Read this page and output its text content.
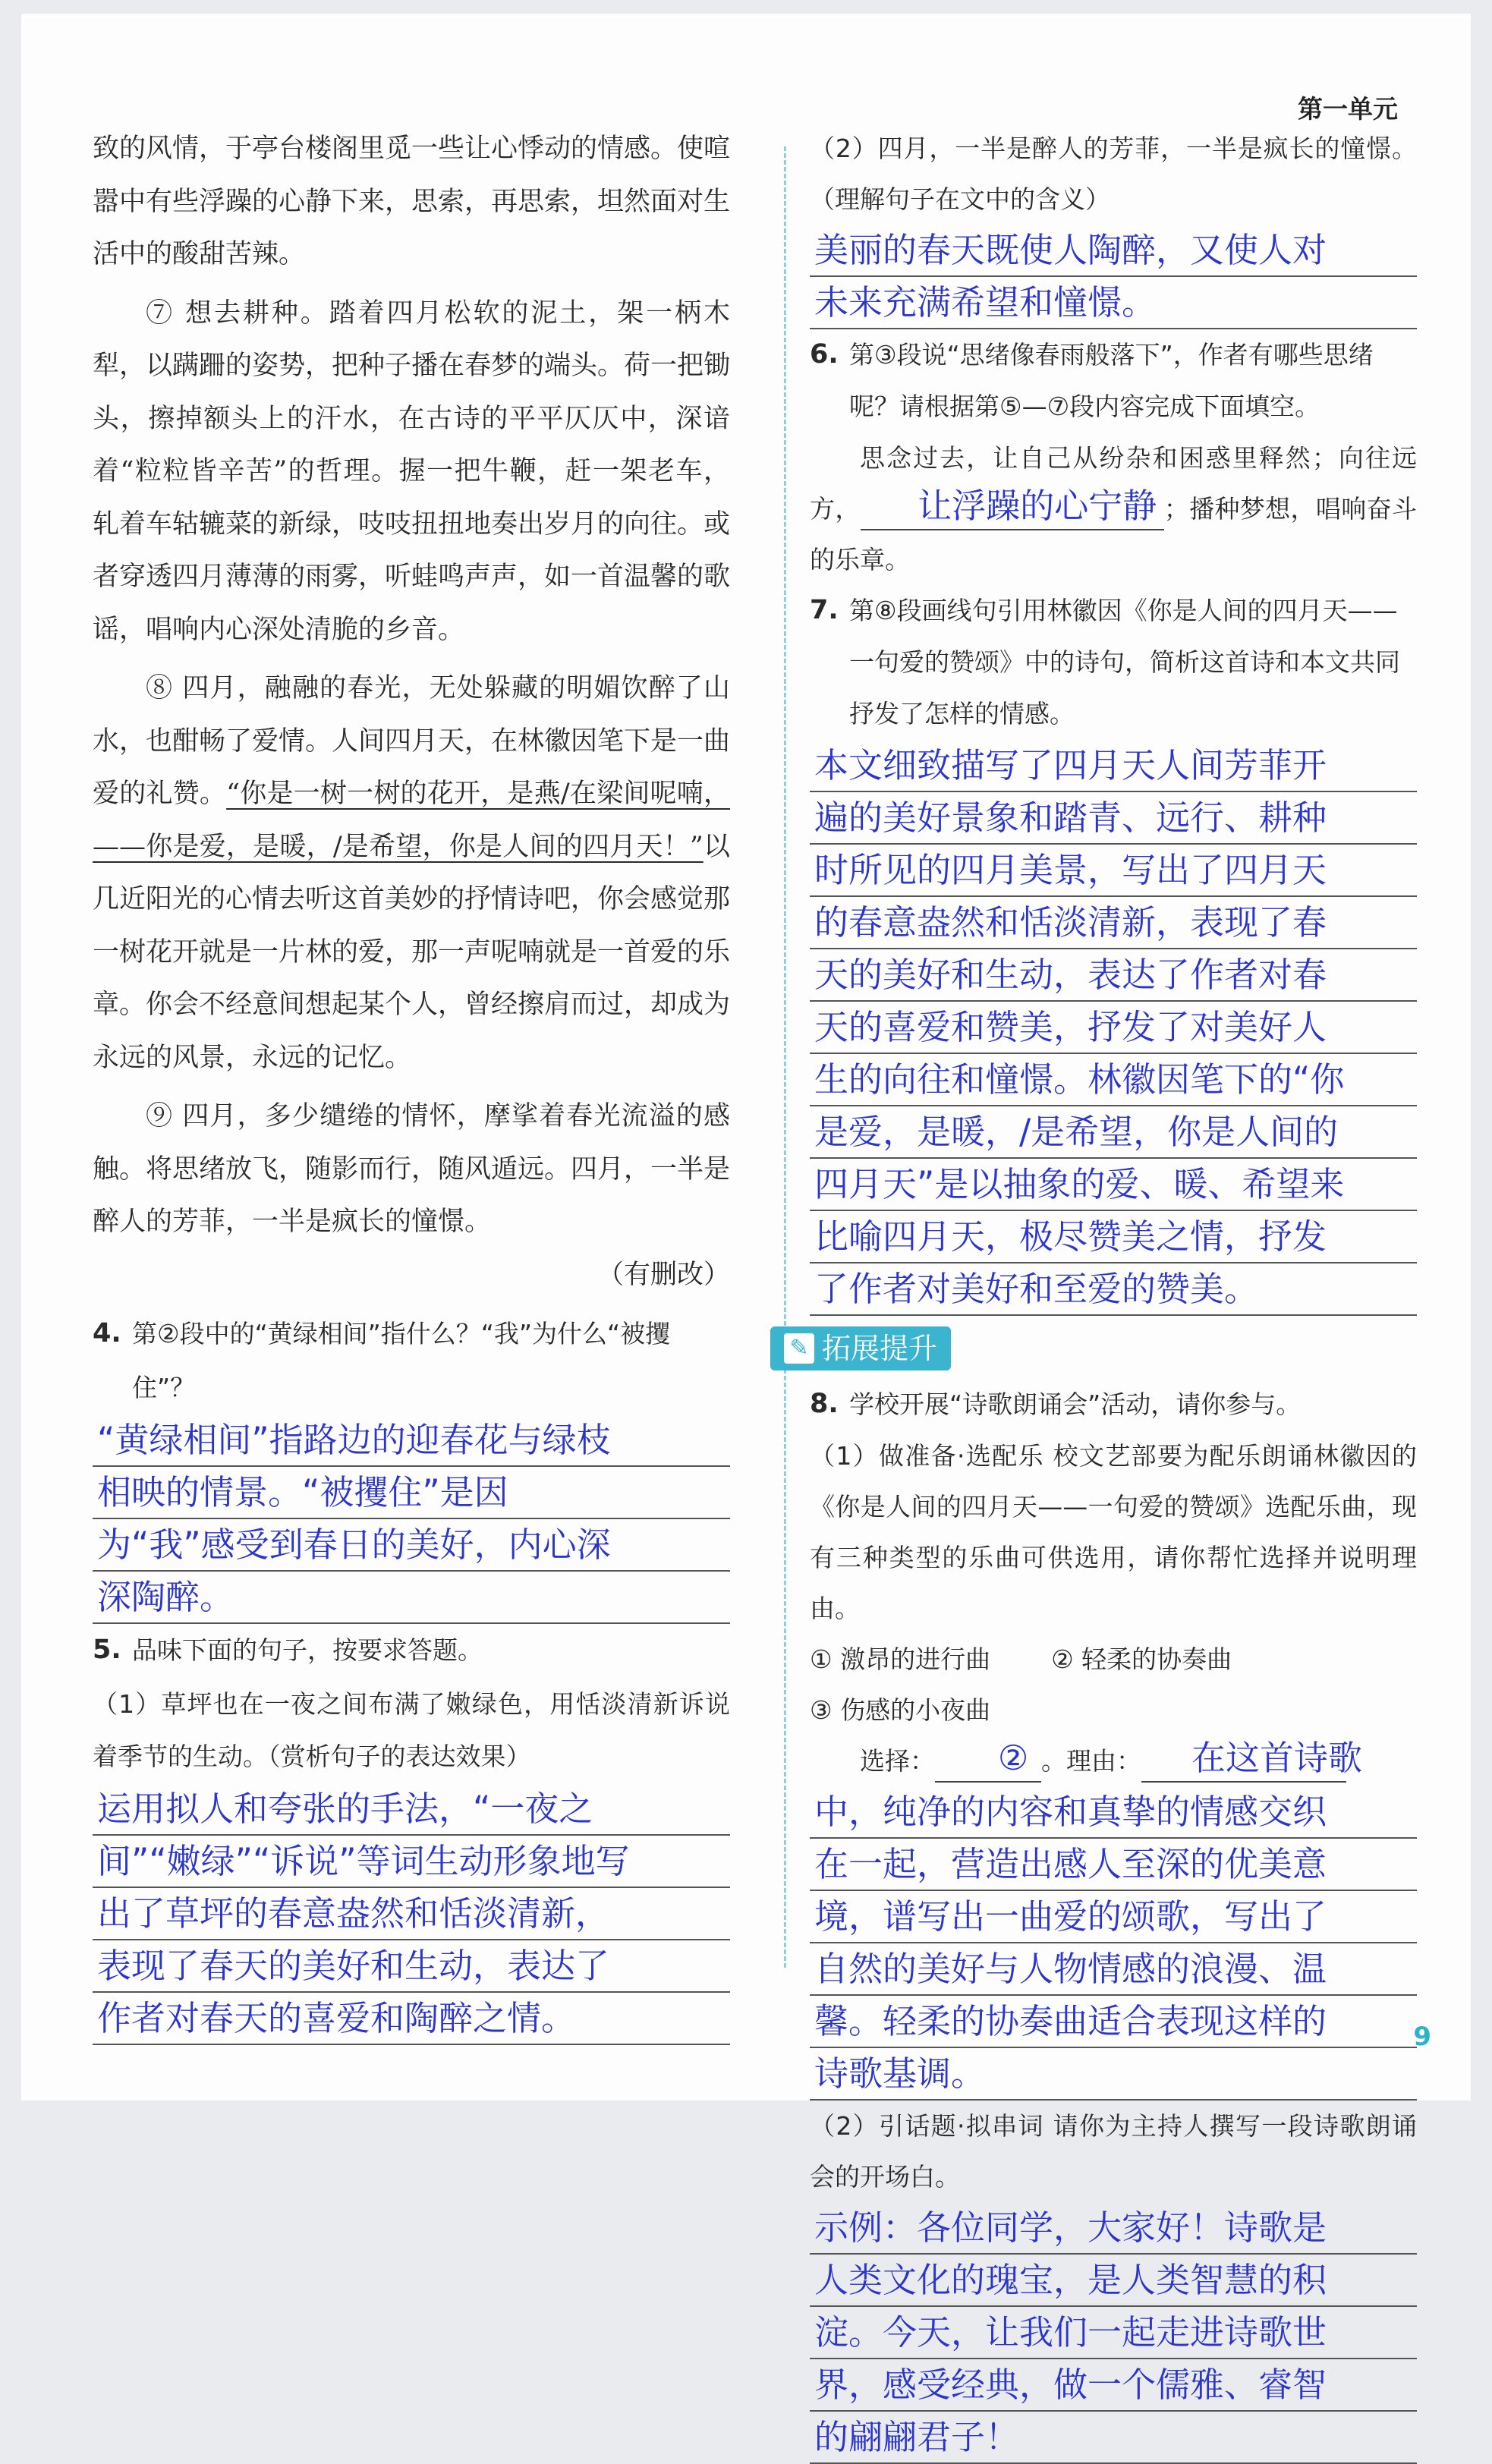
第一单元
9

致的风情，于亭台楼阁里觅一些让心悸动的情感。使喧嚣中有些浮躁的心静下来，思索，再思索，坦然面对生活中的酸甜苦辣。

⑦ 想去耕种。踏着四月松软的泥土，架一柄木犁，以蹒跚的姿势，把种子播在春梦的端头。荷一把锄头，擦掉额头上的汗水，在古诗的平平仄仄中，深谙着“粒粒皆辛苦”的哲理。握一把牛鞭，赶一架老车，轧着车轱辘菜的新绿，吱吱扭扭地奏出岁月的向往。或者穿透四月薄薄的雨雾，听蛙鸣声声，如一首温馨的歌谣，唱响内心深处清脆的乡音。

⑧ 四月，融融的春光，无处躲藏的明媚饮醉了山水，也酣畅了爱情。人间四月天，在林徽因笔下是一曲爱的礼赞。“你是一树一树的花开，是燕/在梁间呢喃，——你是爱，是暖，/是希望，你是人间的四月天！”以几近阳光的心情去听这首美妙的抒情诗吧，你会感觉那一树花开就是一片林的爱，那一声呢喃就是一首爱的乐章。你会不经意间想起某个人，曾经擦肩而过，却成为永远的风景，永远的记忆。

⑨ 四月，多少缱绻的情怀，摩挲着春光流溢的感触。将思绪放飞，随影而行，随风遁远。四月，一半是醉人的芳菲，一半是疯长的憧憬。

（有删改）

4. 第②段中的“黄绿相间”指什么？“我”为什么“被攫住”？

“黄绿相间”指路边的迎春花与绿枝

相映的情景。“被攫住”是因

为“我”感受到春日的美好，内心深

深陶醉。

5. 品味下面的句子，按要求答题。

（1）草坪也在一夜之间布满了嫩绿色，用恬淡清新诉说着季节的生动。（赏析句子的表达效果）

运用拟人和夸张的手法，“一夜之

间”“嫩绿”“诉说”等词生动形象地写

出了草坪的春意盎然和恬淡清新，

表现了春天的美好和生动，表达了

作者对春天的喜爱和陶醉之情。

（2）四月，一半是醉人的芳菲，一半是疯长的憧憬。（理解句子在文中的含义）

美丽的春天既使人陶醉，又使人对

未来充满希望和憧憬。

6. 第③段说“思绪像春雨般落下”，作者有哪些思绪呢？请根据第⑤—⑦段内容完成下面填空。

思念过去，让自己从纷杂和困惑里释然；向往远方， 让浮躁的心宁静 ；播种梦想，唱响奋斗的乐章。

7. 第⑧段画线句引用林徽因《你是人间的四月天——一句爱的赞颂》中的诗句，简析这首诗和本文共同抒发了怎样的情感。

本文细致描写了四月天人间芳菲开

遍的美好景象和踏青、远行、耕种

时所见的四月美景，写出了四月天

的春意盎然和恬淡清新，表现了春

天的美好和生动，表达了作者对春

天的喜爱和赞美，抒发了对美好人

生的向往和憧憬。林徽因笔下的“你

是爱，是暖，/是希望，你是人间的

四月天”是以抽象的爱、暖、希望来

比喻四月天，极尽赞美之情，抒发

了作者对美好和至爱的赞美。

✎ 拓展提升
8. 学校开展“诗歌朗诵会”活动，请你参与。

（1）做准备·选配乐 校文艺部要为配乐朗诵林徽因的《你是人间的四月天——一句爱的赞颂》选配乐曲，现有三种类型的乐曲可供选用，请你帮忙选择并说明理由。

① 激昂的进行曲 ② 轻柔的协奏曲

③ 伤感的小夜曲

选择： ② 。理由： 在这首诗歌

中，纯净的内容和真挚的情感交织

在一起，营造出感人至深的优美意

境，谱写出一曲爱的颂歌，写出了

自然的美好与人物情感的浪漫、温

馨。轻柔的协奏曲适合表现这样的

诗歌基调。

（2）引话题·拟串词 请你为主持人撰写一段诗歌朗诵会的开场白。

示例：各位同学，大家好！诗歌是

人类文化的瑰宝，是人类智慧的积

淀。今天，让我们一起走进诗歌世

界，感受经典，做一个儒雅、睿智

的翩翩君子！
